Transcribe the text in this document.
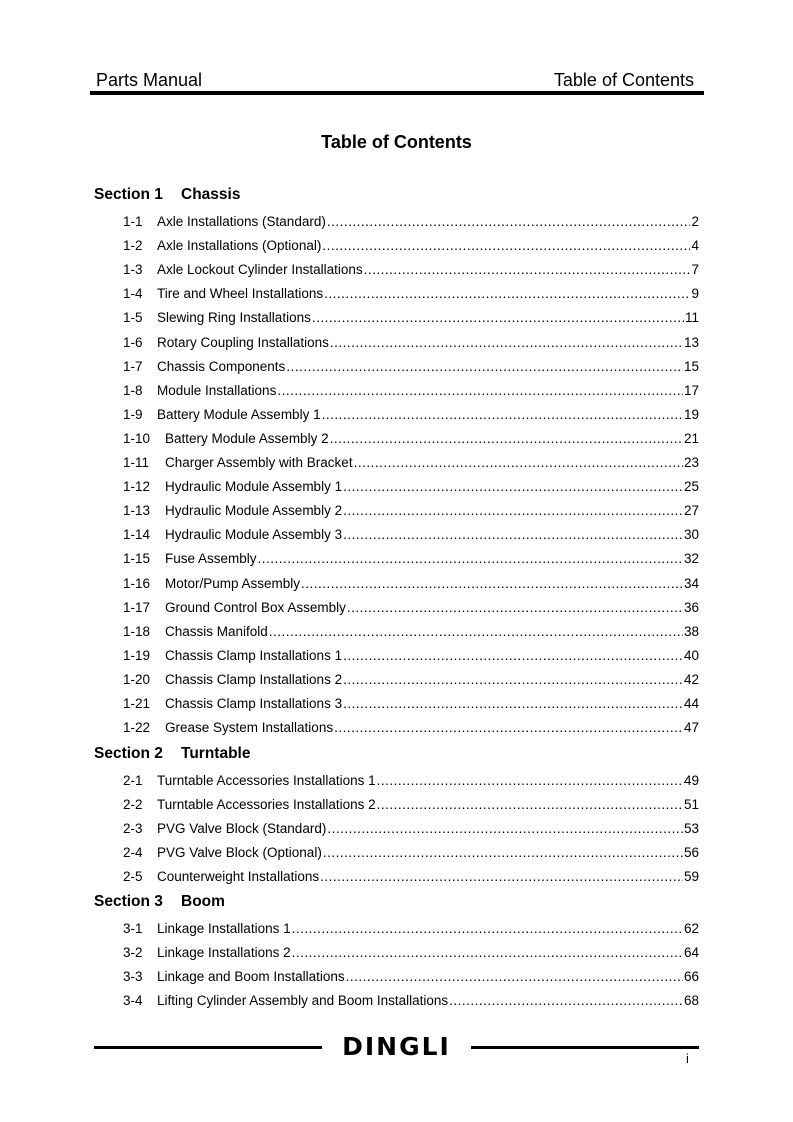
Parts Manual	Table of Contents
Table of Contents
Section 1 Chassis
1-1	Axle Installations (Standard) .....	2
1-2	Axle Installations (Optional) .....	4
1-3	Axle Lockout Cylinder Installations .....	7
1-4	Tire and Wheel Installations .....	9
1-5	Slewing Ring Installations .....	11
1-6	Rotary Coupling Installations .....	13
1-7	Chassis Components .....	15
1-8	Module Installations .....	17
1-9	Battery Module Assembly 1 .....	19
1-10	Battery Module Assembly 2 .....	21
1-11	Charger Assembly with Bracket .....	23
1-12	Hydraulic Module Assembly 1 .....	25
1-13	Hydraulic Module Assembly 2 .....	27
1-14	Hydraulic Module Assembly 3 .....	30
1-15	Fuse Assembly .....	32
1-16	Motor/Pump Assembly .....	34
1-17	Ground Control Box Assembly .....	36
1-18	Chassis Manifold .....	38
1-19	Chassis Clamp Installations 1 .....	40
1-20	Chassis Clamp Installations 2 .....	42
1-21	Chassis Clamp Installations 3 .....	44
1-22	Grease System Installations .....	47
Section 2 Turntable
2-1	Turntable Accessories Installations 1 .....	49
2-2	Turntable Accessories Installations 2 .....	51
2-3	PVG Valve Block (Standard) .....	53
2-4	PVG Valve Block (Optional) .....	56
2-5	Counterweight Installations .....	59
Section 3 Boom
3-1	Linkage Installations 1 .....	62
3-2	Linkage Installations 2 .....	64
3-3	Linkage and Boom Installations .....	66
3-4	Lifting Cylinder Assembly and Boom Installations .....	68
DINGLI	i
